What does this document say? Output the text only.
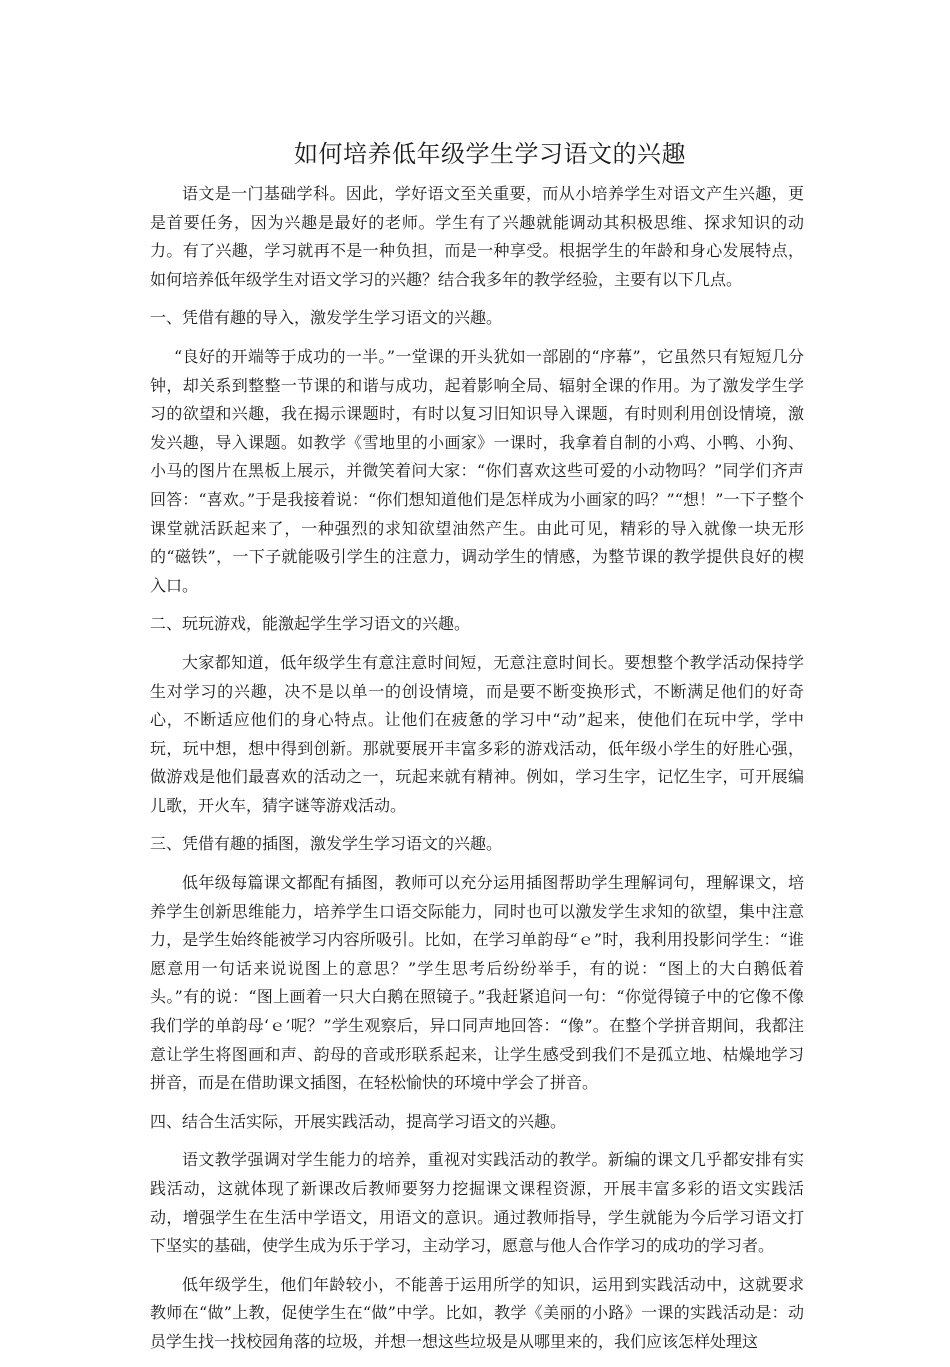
如何培养低年级学生学习语文的兴趣

语文是一门基础学科。因此，学好语文至关重要，而从小培养学生对语文产生兴趣，更是首要任务，因为兴趣是最好的老师。学生有了兴趣就能调动其积极思维、探求知识的动力。有了兴趣，学习就再不是一种负担，而是一种享受。根据学生的年龄和身心发展特点，如何培养低年级学生对语文学习的兴趣？结合我多年的教学经验，主要有以下几点。

一、凭借有趣的导入，激发学生学习语文的兴趣。

“良好的开端等于成功的一半。”一堂课的开头犹如一部剧的“序幕”，它虽然只有短短几分钟，却关系到整整一节课的和谐与成功，起着影响全局、辐射全课的作用。为了激发学生学习的欲望和兴趣，我在揭示课题时，有时以复习旧知识导入课题，有时则利用创设情境，激发兴趣，导入课题。如教学《雪地里的小画家》一课时，我拿着自制的小鸡、小鸭、小狗、小马的图片在黑板上展示，并微笑着问大家：“你们喜欢这些可爱的小动物吗？”同学们齐声回答：“喜欢。”于是我接着说：“你们想知道他们是怎样成为小画家的吗？”“想！”一下子整个课堂就活跃起来了，一种强烈的求知欲望油然产生。由此可见，精彩的导入就像一块无形的“磁铁”，一下子就能吸引学生的注意力，调动学生的情感，为整节课的教学提供良好的楔入口。

二、玩玩游戏，能激起学生学习语文的兴趣。

大家都知道，低年级学生有意注意时间短，无意注意时间长。要想整个教学活动保持学生对学习的兴趣，决不是以单一的创设情境，而是要不断变换形式，不断满足他们的好奇心，不断适应他们的身心特点。让他们在疲惫的学习中“动”起来，使他们在玩中学，学中玩，玩中想，想中得到创新。那就要展开丰富多彩的游戏活动，低年级小学生的好胜心强，做游戏是他们最喜欢的活动之一，玩起来就有精神。例如，学习生字，记忆生字，可开展编儿歌，开火车，猜字谜等游戏活动。

三、凭借有趣的插图，激发学生学习语文的兴趣。

低年级每篇课文都配有插图，教师可以充分运用插图帮助学生理解词句，理解课文，培养学生创新思维能力，培养学生口语交际能力，同时也可以激发学生求知的欲望，集中注意力，是学生始终能被学习内容所吸引。比如，在学习单韵母“ｅ”时，我利用投影问学生：“谁愿意用一句话来说说图上的意思？”学生思考后纷纷举手，有的说：“图上的大白鹅低着头。”有的说：“图上画着一只大白鹅在照镜子。”我赶紧追问一句：“你觉得镜子中的它像不像我们学的单韵母‘ｅ’呢？”学生观察后，异口同声地回答：“像”。在整个学拼音期间，我都注意让学生将图画和声、韵母的音或形联系起来，让学生感受到我们不是孤立地、枯燥地学习拼音，而是在借助课文插图，在轻松愉快的环境中学会了拼音。

四、结合生活实际，开展实践活动，提高学习语文的兴趣。

语文教学强调对学生能力的培养，重视对实践活动的教学。新编的课文几乎都安排有实践活动，这就体现了新课改后教师要努力挖掘课文课程资源，开展丰富多彩的语文实践活动，增强学生在生活中学语文，用语文的意识。通过教师指导，学生就能为今后学习语文打下坚实的基础，使学生成为乐于学习，主动学习，愿意与他人合作学习的成功的学习者。

低年级学生，他们年龄较小，不能善于运用所学的知识，运用到实践活动中，这就要求教师在“做”上教，促使学生在“做”中学。比如，教学《美丽的小路》一课的实践活动是：动员学生找一找校园角落的垃圾，并想一想这些垃圾是从哪里来的，我们应该怎样处理这
